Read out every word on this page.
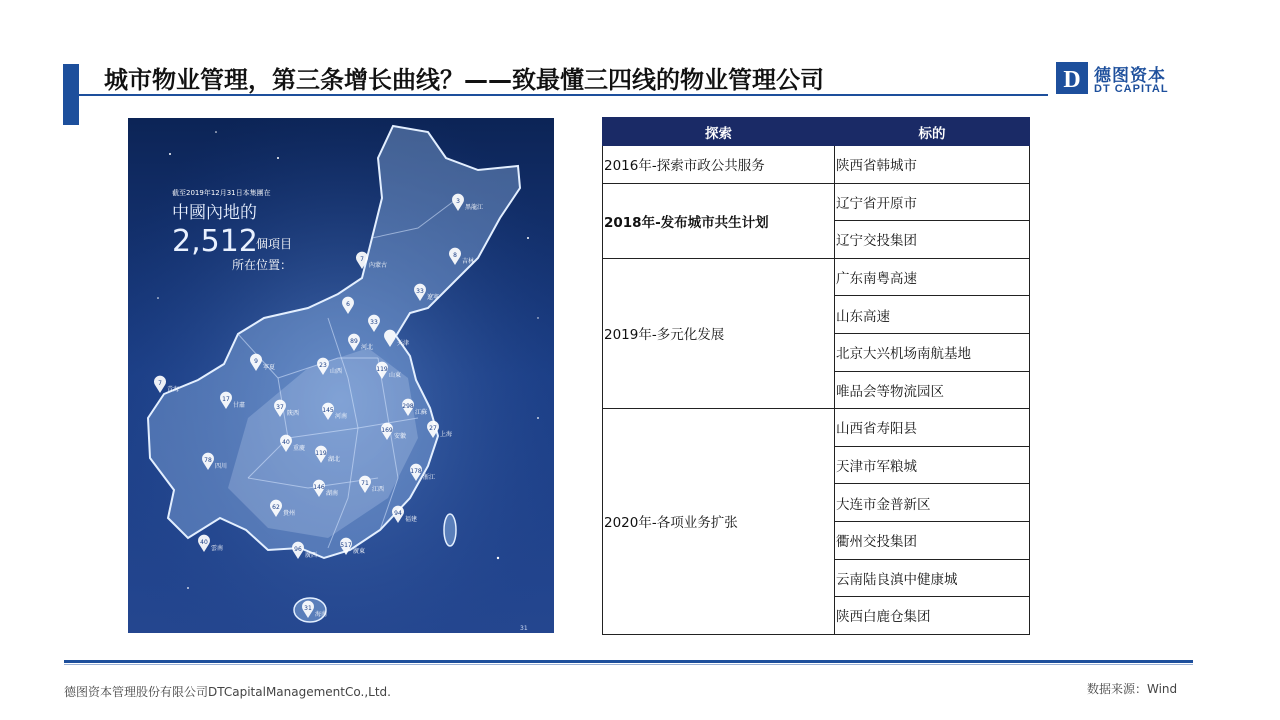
城市物业管理，第三条增长曲线？——致最懂三四线的物业管理公司	D 德图资本
DT CAPITAL
截至2019年12月31日本集團在
中國內地的
2,512
個項目
所在位置：
31
3
黑龍江
8
吉林
7
內蒙古
33
遼寧
6
33
89
河北
天津
9
寧夏	23
山西	119
山東
7
青海
17
甘肅	37
陝西	145
河南
298
江蘇
169
安徽
27
上海
40
重慶
119
湖北
78
四川
178
浙江
146
湖南
71
江西
62
貴州	94
福建
40
雲南	96
廣西
517
廣東
31
海南
探索	标的
2016年-探索市政公共服务	陕西省韩城市
2018年-发布城市共生计划	辽宁省开原市
	辽宁交投集团
2019年-多元化发展	广东南粤高速
	山东高速
	北京大兴机场南航基地
	唯品会等物流园区
2020年-各项业务扩张	山西省寿阳县
	天津市军粮城
	大连市金普新区
	衢州交投集团
	云南陆良滇中健康城
	陕西白鹿仓集团
德图资本管理股份有限公司DTCapitalManagementCo.,Ltd.	数据来源：Wind
